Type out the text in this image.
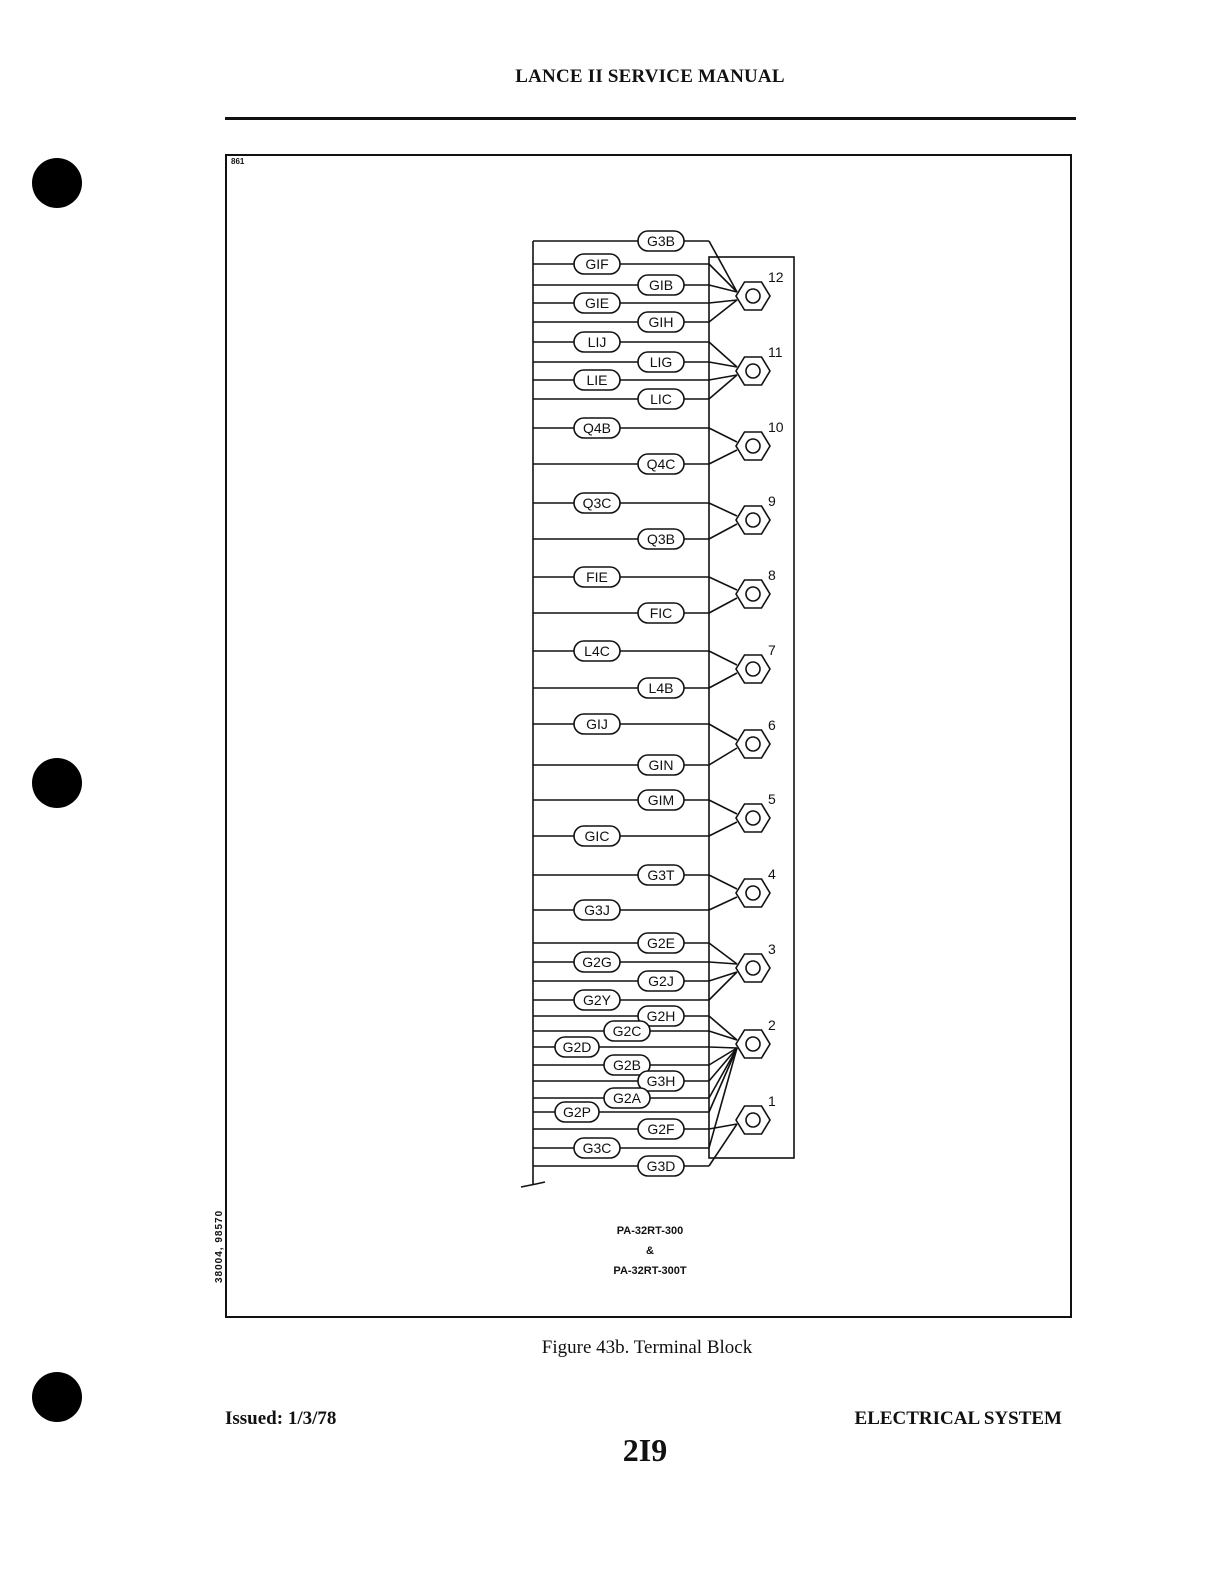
LANCE II SERVICE MANUAL
861
38004, 98570
12
11
10
9
8
7
6
5
4
3
2
1
G3B
GIF
GIB
GIE
GIH
LIJ
LIG
LIE
LIC
Q4B
Q4C
Q3C
Q3B
FIE
FIC
L4C
L4B
GIJ
GIN
GIM
GIC
G3T
G3J
G2E
G2G
G2J
G2Y
G2H
G2C
G2D
G2B
G3H
G2A
G2P
G2F
G3C
G3D
PA-32RT-300
&
PA-32RT-300T
Figure 43b. Terminal Block
Issued: 1/3/78	ELECTRICAL SYSTEM
2I9
